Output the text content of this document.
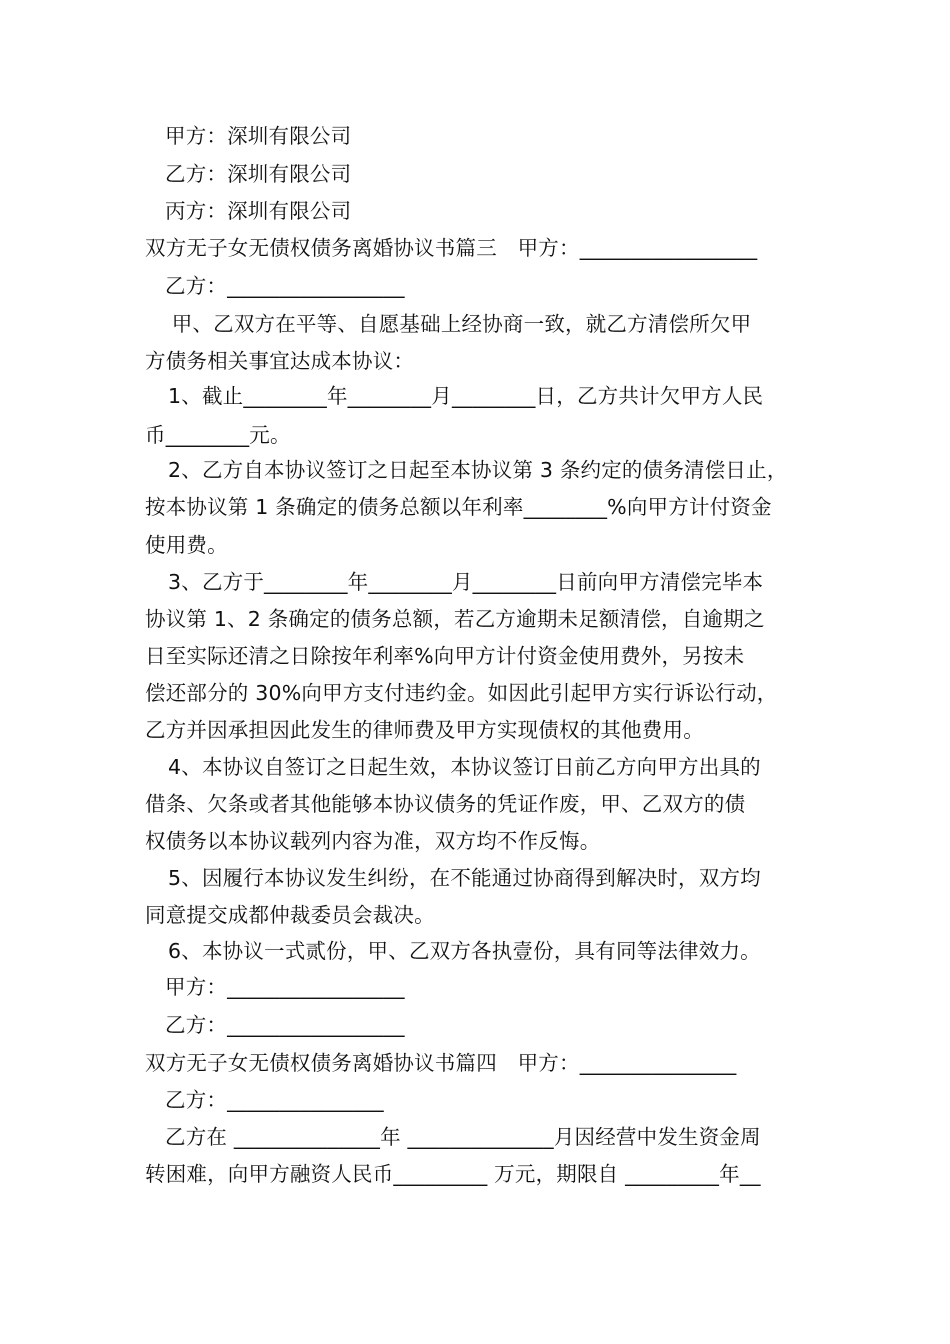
甲方：深圳有限公司
乙方：深圳有限公司
丙方：深圳有限公司
双方无子女无债权债务离婚协议书篇三　甲方：_________________
乙方：_________________
甲、乙双方在平等、自愿基础上经协商一致，就乙方清偿所欠甲
方债务相关事宜达成本协议：
1、截止________年________月________日，乙方共计欠甲方人民
币________元。
2、乙方自本协议签订之日起至本协议第 3 条约定的债务清偿日止，
按本协议第 1 条确定的债务总额以年利率________%向甲方计付资金
使用费。
3、乙方于________年________月________日前向甲方清偿完毕本
协议第 1、2 条确定的债务总额，若乙方逾期未足额清偿，自逾期之
日至实际还清之日除按年利率%向甲方计付资金使用费外，另按未
偿还部分的 30%向甲方支付违约金。如因此引起甲方实行诉讼行动，
乙方并因承担因此发生的律师费及甲方实现债权的其他费用。
4、本协议自签订之日起生效，本协议签订日前乙方向甲方出具的
借条、欠条或者其他能够本协议债务的凭证作废，甲、乙双方的债
权债务以本协议载列内容为准，双方均不作反悔。
5、因履行本协议发生纠纷，在不能通过协商得到解决时，双方均
同意提交成都仲裁委员会裁决。
6、本协议一式贰份，甲、乙双方各执壹份，具有同等法律效力。
甲方：_________________
乙方：_________________
双方无子女无债权债务离婚协议书篇四　甲方：_______________
乙方：_______________
乙方在 ______________年 ______________月因经营中发生资金周
转困难，向甲方融资人民币_________ 万元，期限自 _________年__
